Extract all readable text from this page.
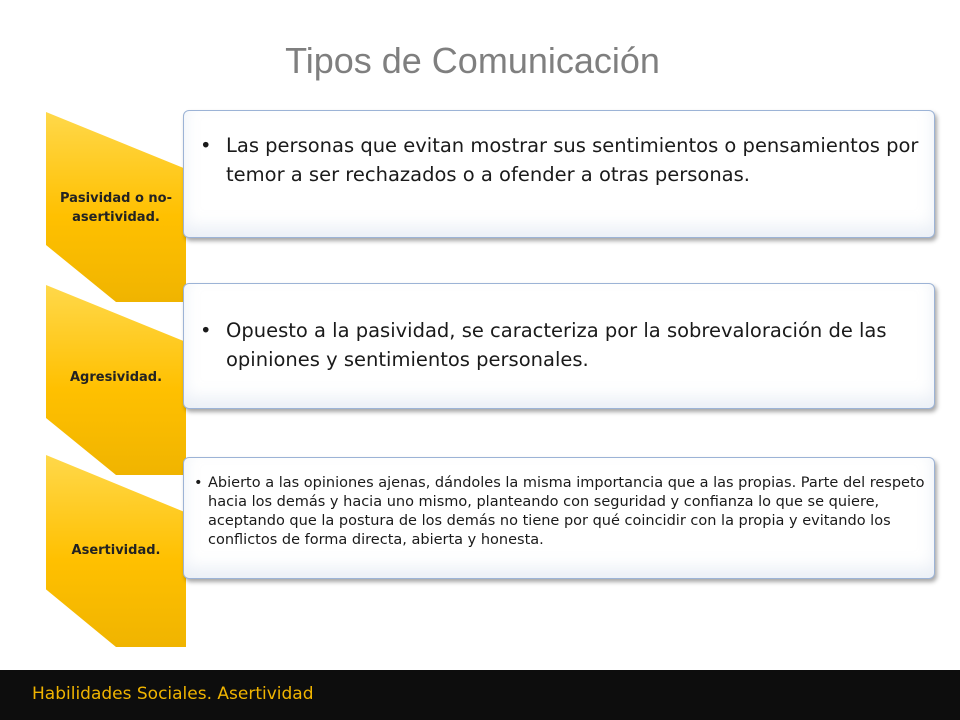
Tipos de Comunicación
Pasividad o no-asertividad.
• Las personas que evitan mostrar sus sentimientos o pensamientos por temor a ser rechazados o a ofender a otras personas.
Agresividad.
• Opuesto a la pasividad, se caracteriza por la sobrevaloración de las opiniones y sentimientos personales.
Asertividad.
• Abierto a las opiniones ajenas, dándoles la misma importancia que a las propias. Parte del respeto hacia los demás y hacia uno mismo, planteando con seguridad y confianza lo que se quiere, aceptando que la postura de los demás no tiene por qué coincidir con la propia y evitando los conflictos de forma directa, abierta y honesta.
Habilidades Sociales. Asertividad
